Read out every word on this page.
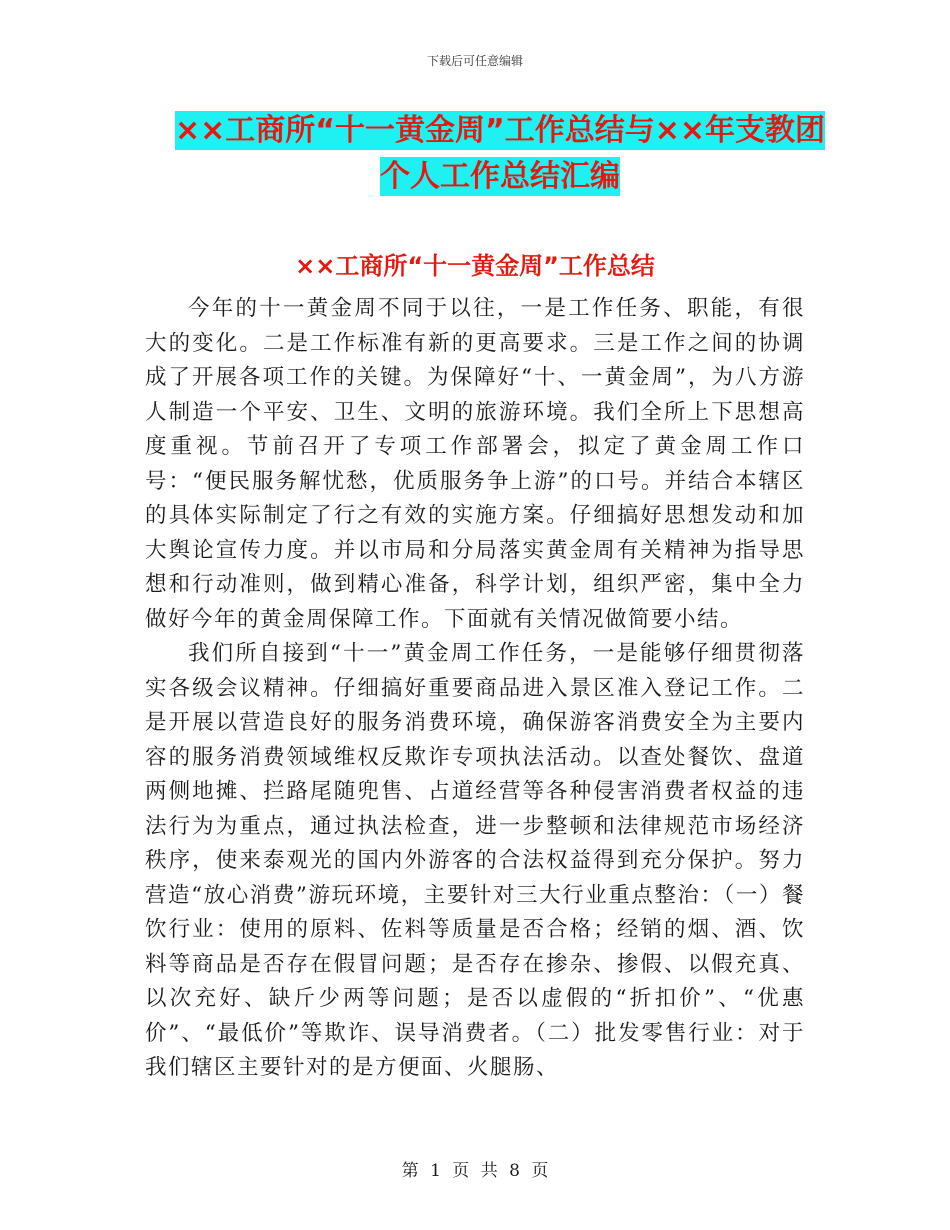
下载后可任意编辑
××工商所“十一黄金周”工作总结与××年支教团
个人工作总结汇编
××工商所“十一黄金周”工作总结

今年的十一黄金周不同于以往，一是工作任务、职能，有很大的变化。二是工作标准有新的更高要求。三是工作之间的协调成了开展各项工作的关键。为保障好“十、一黄金周”，为八方游人制造一个平安、卫生、文明的旅游环境。我们全所上下思想高度重视。节前召开了专项工作部署会，拟定了黄金周工作口号：“便民服务解忧愁，优质服务争上游”的口号。并结合本辖区的具体实际制定了行之有效的实施方案。仔细搞好思想发动和加大舆论宣传力度。并以市局和分局落实黄金周有关精神为指导思想和行动准则，做到精心准备，科学计划，组织严密，集中全力做好今年的黄金周保障工作。下面就有关情况做简要小结。

我们所自接到“十一”黄金周工作任务，一是能够仔细贯彻落实各级会议精神。仔细搞好重要商品进入景区准入登记工作。二是开展以营造良好的服务消费环境，确保游客消费安全为主要内容的服务消费领域维权反欺诈专项执法活动。以查处餐饮、盘道两侧地摊、拦路尾随兜售、占道经营等各种侵害消费者权益的违法行为为重点，通过执法检查，进一步整顿和法律规范市场经济秩序，使来泰观光的国内外游客的合法权益得到充分保护。努力营造“放心消费”游玩环境，主要针对三大行业重点整治：（一）餐饮行业：使用的原料、佐料等质量是否合格；经销的烟、酒、饮料等商品是否存在假冒问题；是否存在掺杂、掺假、以假充真、以次充好、缺斤少两等问题；是否以虚假的“折扣价”、“优惠价”、“最低价”等欺诈、误导消费者。（二）批发零售行业：对于我们辖区主要针对的是方便面、火腿肠、

第 1 页 共 8 页
